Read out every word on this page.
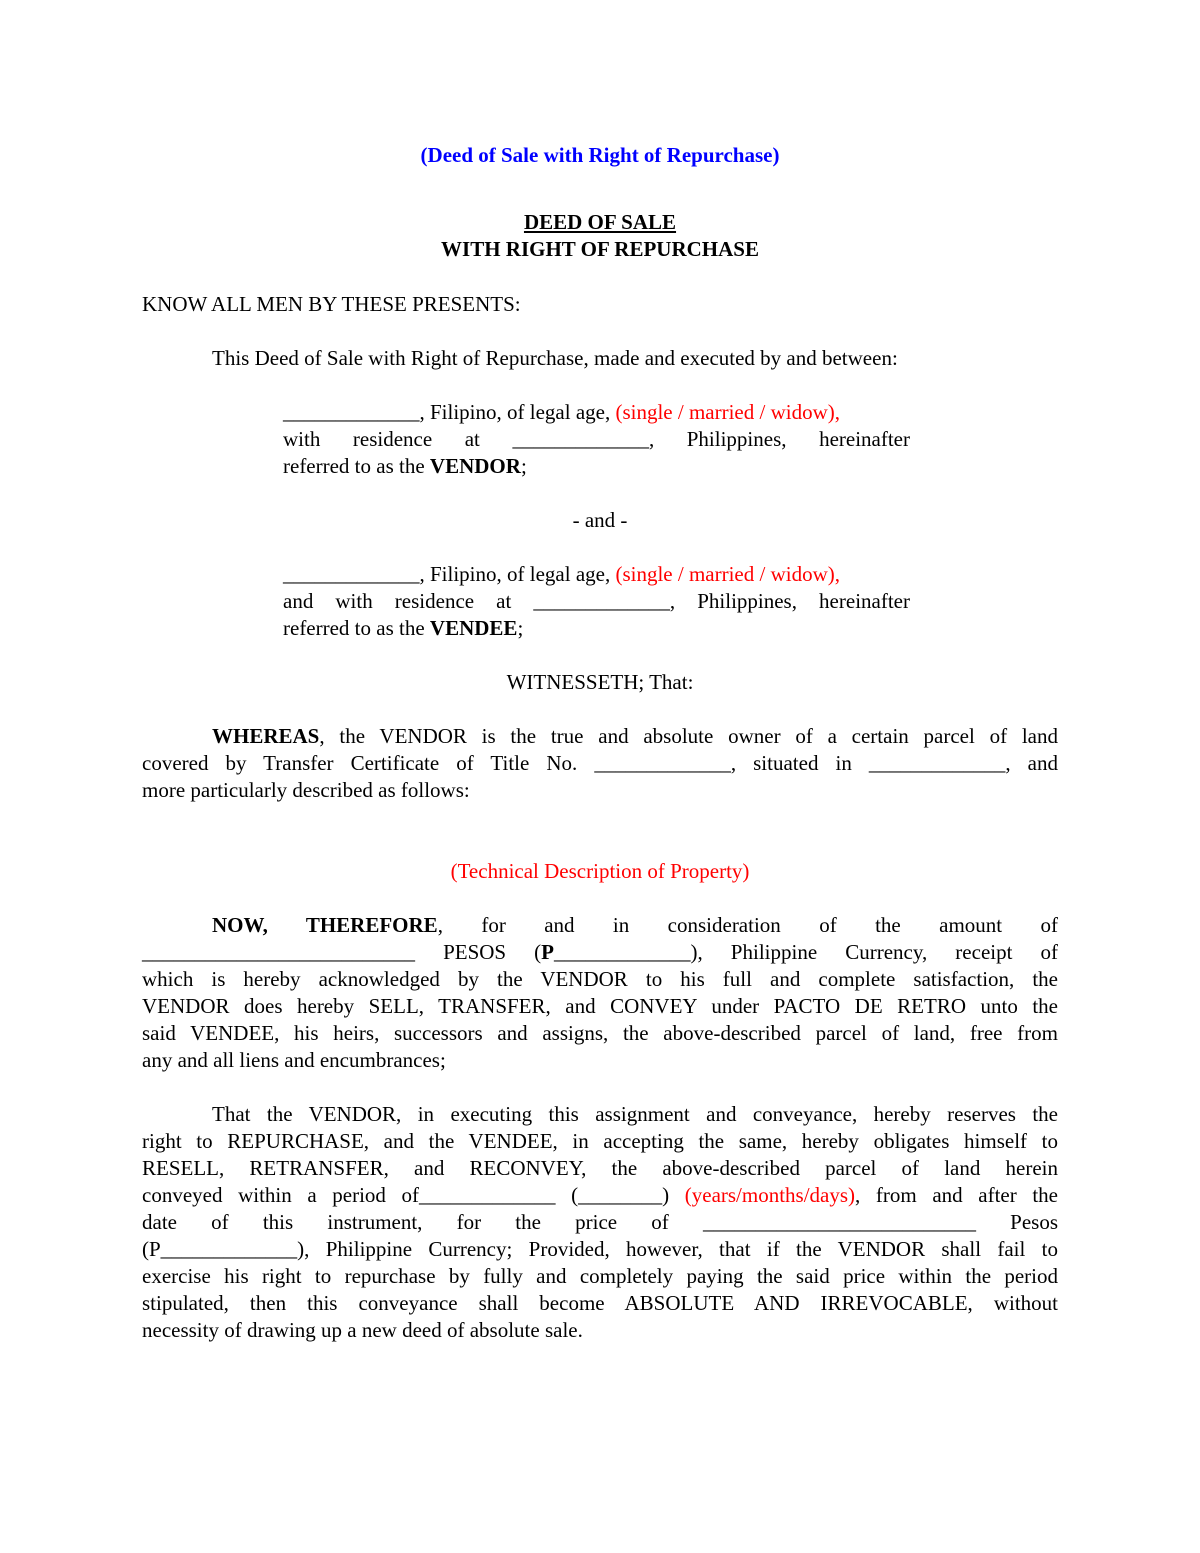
(Deed of Sale with Right of Repurchase)
DEED OF SALE
WITH RIGHT OF REPURCHASE
KNOW ALL MEN BY THESE PRESENTS:
This Deed of Sale with Right of Repurchase, made and executed by and between:
_____________, Filipino, of legal age, (single / married / widow),
with residence at _____________, Philippines, hereinafter
referred to as the VENDOR;
- and -
_____________, Filipino, of legal age, (single / married / widow),
and with residence at _____________, Philippines, hereinafter
referred to as the VENDEE;
WITNESSETH; That:
WHEREAS, the VENDOR is the true and absolute owner of a certain parcel of land
covered by Transfer Certificate of Title No. _____________, situated in _____________, and
more particularly described as follows:
(Technical Description of Property)
NOW, THEREFORE, for and in consideration of the amount of
__________________________ PESOS (P_____________), Philippine Currency, receipt of
which is hereby acknowledged by the VENDOR to his full and complete satisfaction, the
VENDOR does hereby SELL, TRANSFER, and CONVEY under PACTO DE RETRO unto the
said VENDEE, his heirs, successors and assigns, the above-described parcel of land, free from
any and all liens and encumbrances;
That the VENDOR, in executing this assignment and conveyance, hereby reserves the
right to REPURCHASE, and the VENDEE, in accepting the same, hereby obligates himself to
RESELL, RETRANSFER, and RECONVEY, the above-described parcel of land herein
conveyed within a period of_____________ (________) (years/months/days), from and after the
date of this instrument, for the price of __________________________ Pesos
(P_____________), Philippine Currency; Provided, however, that if the VENDOR shall fail to
exercise his right to repurchase by fully and completely paying the said price within the period
stipulated, then this conveyance shall become ABSOLUTE AND IRREVOCABLE, without
necessity of drawing up a new deed of absolute sale.
